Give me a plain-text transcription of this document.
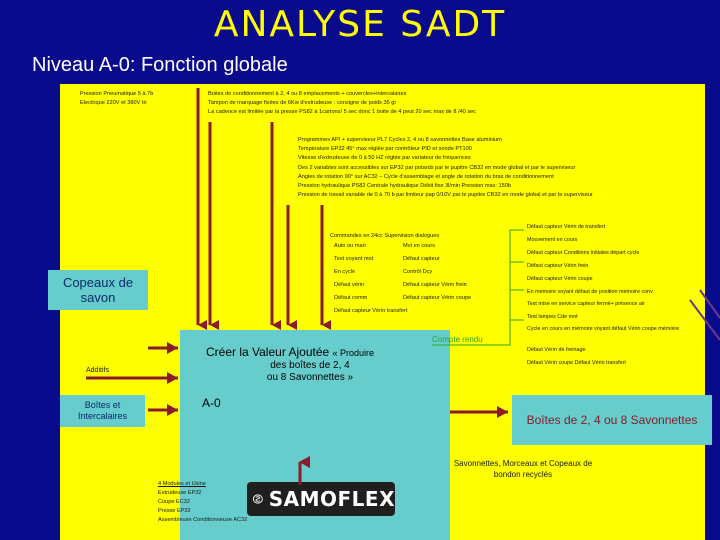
ANALYSE SADT
Niveau A-0: Fonction globale
Pression Pneumatique 5 à 7b
Electrique 220V et 380V tri
Boites de conditionnement à 2, 4 ou 8 emplacements + couvercles+intercalaires
Tampon de marquage fixées de 6Kw d'extrudeuse : consigne de poids 35 gr
La cadence est limitée par la presse PS82 à 1cartons/ 5 sec donc 1 boite de 4 peut 20 sec max de 8 /40 sec
Programmes API + superviseur PL7 Cycles 2, 4 ou 8 savonnettes Base aluminium
Température EP32 45° max réglée par contrôleur PID et sonde PT100
Vitesse d'extrudeuse de 0 à 50 HZ réglée par variateur de fréquences
Des 2 variables sont accessibles sur EP32 par potards par le pupitre CB32 en mode global et par le superviseur
Angles de rotation 90° sur AC32 – Cycle d'assemblage et angle de rotation du bras de conditionnement
Pression hydraulique PS82 Centrale hydraulique Débit fixe 3l/min Pression max: 150b
Pression de travail variable de 0 à 70 b par limiteur pap 0/10V par le pupitre CB32 en mode global et par le superviseur
Commandes en 24cc Supervision dialogues
Auto ou man
Test voyant mot
En cycle
Défaut vérin
Défaut comm
Défaut capteur Vérin transfert
Mvt en cours
Défaut capteur
Contrôl Dcy
Défaut capteur Vérin frein
Défaut capteur Vérin coupe
Défaut capteur Vérin de transfert
Mouvement en cours
Défaut capteur Conditions initiales départ cycle
Défaut capteur Vérin frein
Défaut capteur Vérin coupe
En mémoire voyant défaut de position mémoire conv
Test mise en service capteur fermé+ présence air
Test lampes Cde mot
Cycle en cours en mémoire voyant défaut Vérin coupe mémoire
Défaut Vérin de freinage
Défaut Vérin coupe Défaut Vérin transfert
Copeaux de savon
Additifs
Boîtes et Intercalaires
Créer la Valeur Ajoutée « Produire
des boîtes de 2, 4 ou 8 Savonnettes »
A-0
Compte rendu
Boîtes de 2, 4 ou 8 Savonnettes
Savonnettes, Morceaux et Copeaux de bondon recyclés
4 Modules et Usine
Extrudeuse EP32
Coupe EC32
Presse EP32
Assembleuse Conditionneuse AC32
SAMOFLEX
